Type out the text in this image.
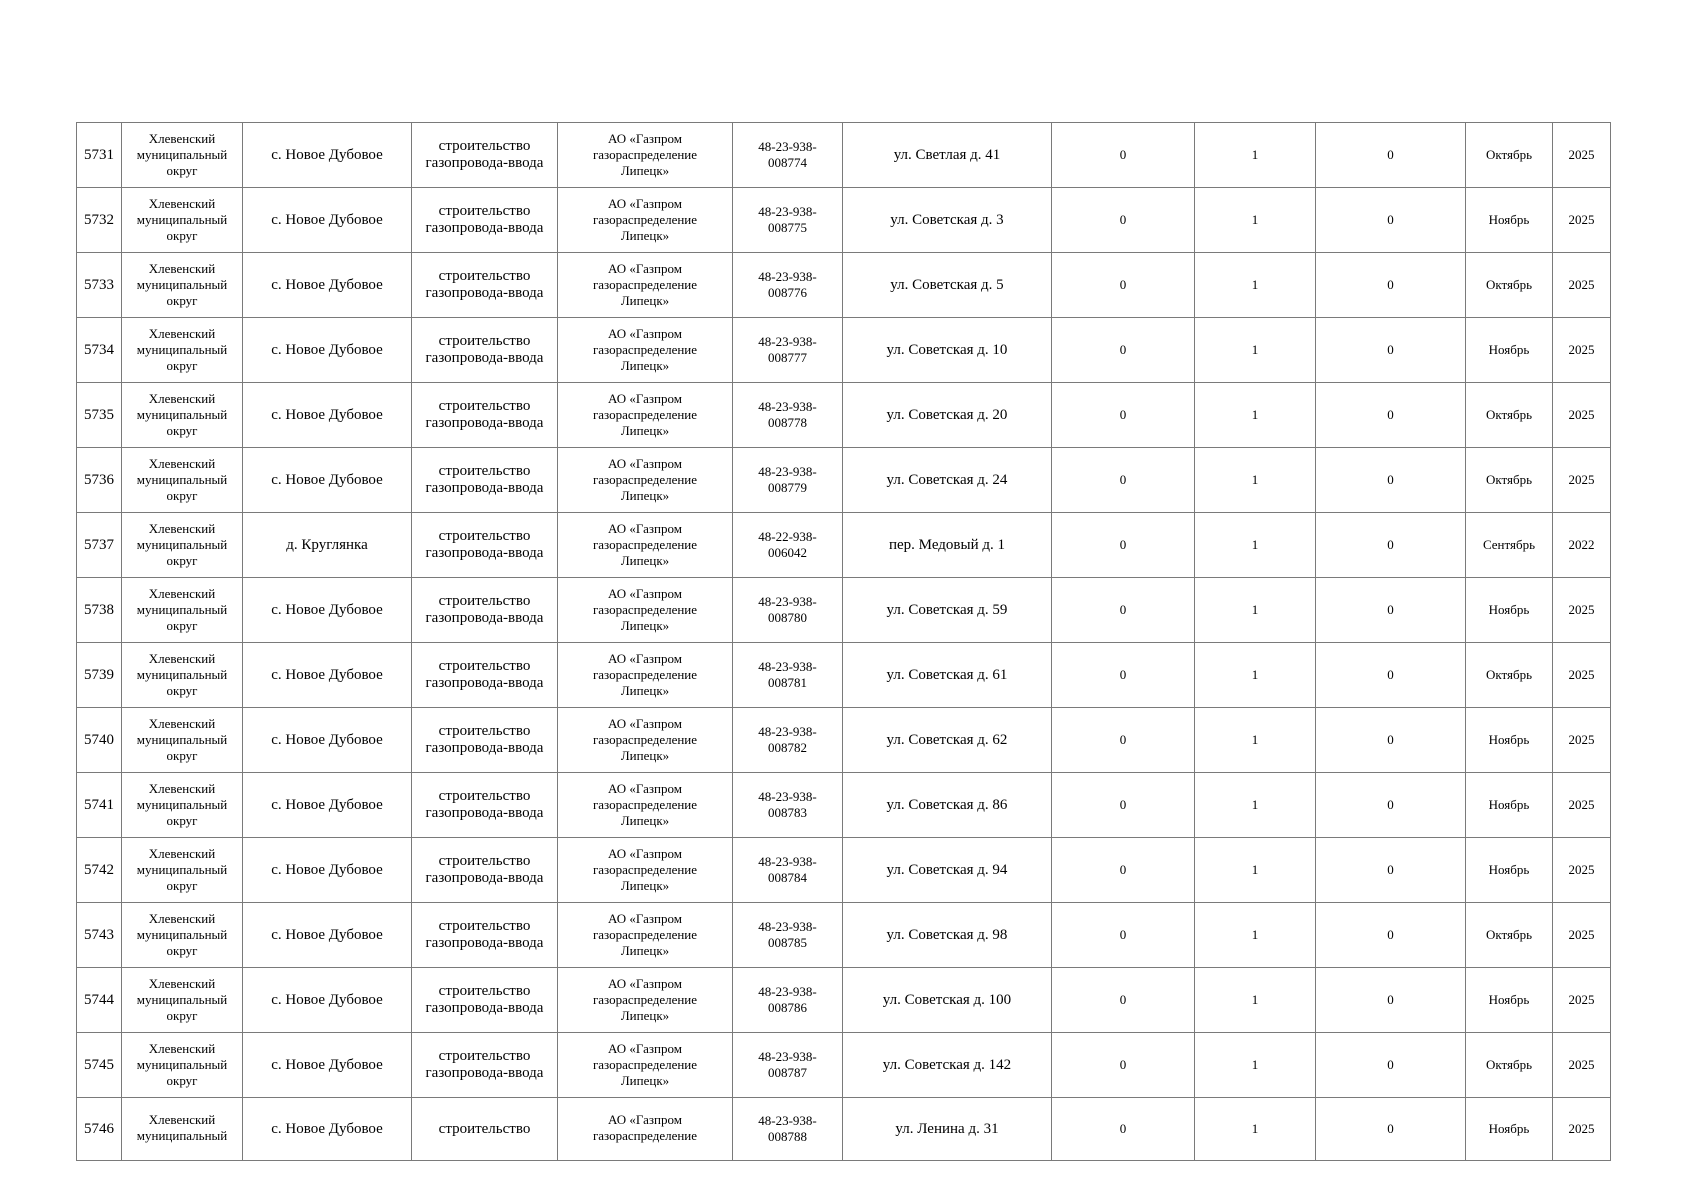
5731	Хлевенский
муниципальный
округ	с. Новое Дубовое	строительство
газопровода-ввода	АО «Газпром
газораспределение
Липецк»	48-23-938-
008774	ул. Светлая д. 41	0	1	0	Октябрь	2025
5732	Хлевенский
муниципальный
округ	с. Новое Дубовое	строительство
газопровода-ввода	АО «Газпром
газораспределение
Липецк»	48-23-938-
008775	ул. Советская д. 3	0	1	0	Ноябрь	2025
5733	Хлевенский
муниципальный
округ	с. Новое Дубовое	строительство
газопровода-ввода	АО «Газпром
газораспределение
Липецк»	48-23-938-
008776	ул. Советская д. 5	0	1	0	Октябрь	2025
5734	Хлевенский
муниципальный
округ	с. Новое Дубовое	строительство
газопровода-ввода	АО «Газпром
газораспределение
Липецк»	48-23-938-
008777	ул. Советская д. 10	0	1	0	Ноябрь	2025
5735	Хлевенский
муниципальный
округ	с. Новое Дубовое	строительство
газопровода-ввода	АО «Газпром
газораспределение
Липецк»	48-23-938-
008778	ул. Советская д. 20	0	1	0	Октябрь	2025
5736	Хлевенский
муниципальный
округ	с. Новое Дубовое	строительство
газопровода-ввода	АО «Газпром
газораспределение
Липецк»	48-23-938-
008779	ул. Советская д. 24	0	1	0	Октябрь	2025
5737	Хлевенский
муниципальный
округ	д. Круглянка	строительство
газопровода-ввода	АО «Газпром
газораспределение
Липецк»	48-22-938-
006042	пер. Медовый д. 1	0	1	0	Сентябрь	2022
5738	Хлевенский
муниципальный
округ	с. Новое Дубовое	строительство
газопровода-ввода	АО «Газпром
газораспределение
Липецк»	48-23-938-
008780	ул. Советская д. 59	0	1	0	Ноябрь	2025
5739	Хлевенский
муниципальный
округ	с. Новое Дубовое	строительство
газопровода-ввода	АО «Газпром
газораспределение
Липецк»	48-23-938-
008781	ул. Советская д. 61	0	1	0	Октябрь	2025
5740	Хлевенский
муниципальный
округ	с. Новое Дубовое	строительство
газопровода-ввода	АО «Газпром
газораспределение
Липецк»	48-23-938-
008782	ул. Советская д. 62	0	1	0	Ноябрь	2025
5741	Хлевенский
муниципальный
округ	с. Новое Дубовое	строительство
газопровода-ввода	АО «Газпром
газораспределение
Липецк»	48-23-938-
008783	ул. Советская д. 86	0	1	0	Ноябрь	2025
5742	Хлевенский
муниципальный
округ	с. Новое Дубовое	строительство
газопровода-ввода	АО «Газпром
газораспределение
Липецк»	48-23-938-
008784	ул. Советская д. 94	0	1	0	Ноябрь	2025
5743	Хлевенский
муниципальный
округ	с. Новое Дубовое	строительство
газопровода-ввода	АО «Газпром
газораспределение
Липецк»	48-23-938-
008785	ул. Советская д. 98	0	1	0	Октябрь	2025
5744	Хлевенский
муниципальный
округ	с. Новое Дубовое	строительство
газопровода-ввода	АО «Газпром
газораспределение
Липецк»	48-23-938-
008786	ул. Советская д. 100	0	1	0	Ноябрь	2025
5745	Хлевенский
муниципальный
округ	с. Новое Дубовое	строительство
газопровода-ввода	АО «Газпром
газораспределение
Липецк»	48-23-938-
008787	ул. Советская д. 142	0	1	0	Октябрь	2025
5746	Хлевенский
муниципальный	с. Новое Дубовое	строительство	АО «Газпром
газораспределение	48-23-938-
008788	ул. Ленина д. 31	0	1	0	Ноябрь	2025
